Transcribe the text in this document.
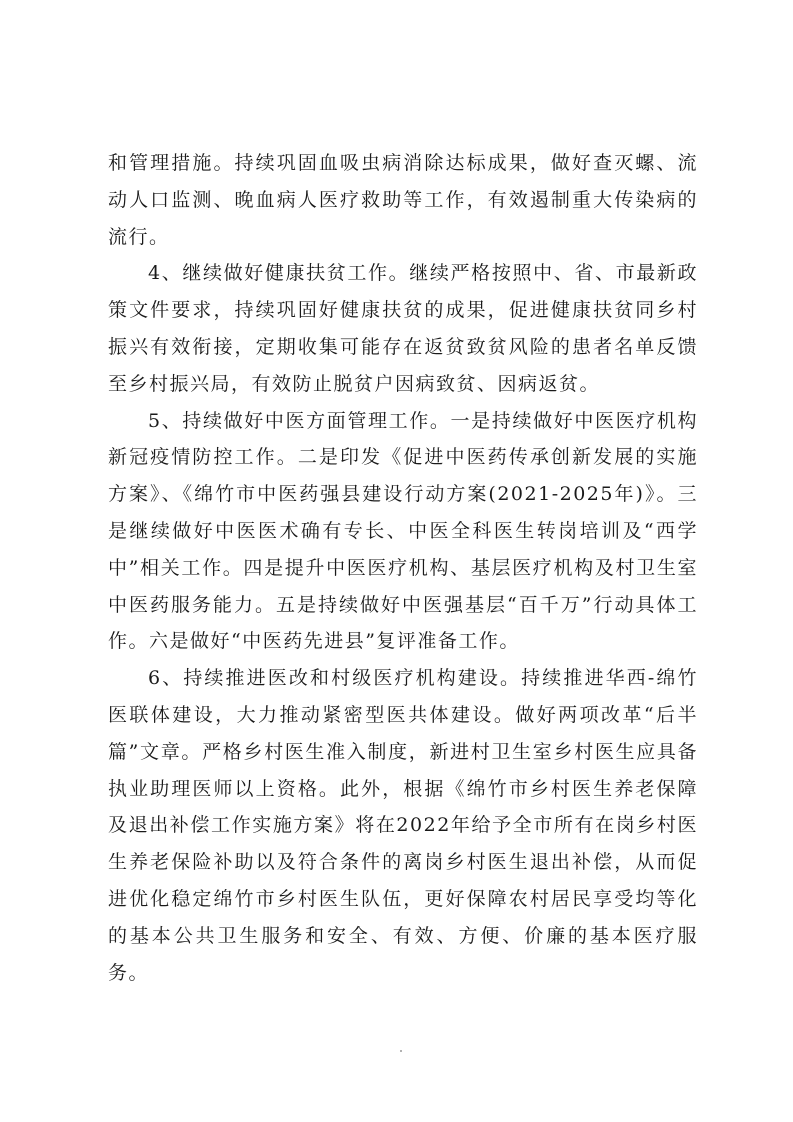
和管理措施。持续巩固血吸虫病消除达标成果，做好查灭螺、流动人口监测、晚血病人医疗救助等工作，有效遏制重大传染病的流行。

4、继续做好健康扶贫工作。继续严格按照中、省、市最新政策文件要求，持续巩固好健康扶贫的成果，促进健康扶贫同乡村振兴有效衔接，定期收集可能存在返贫致贫风险的患者名单反馈至乡村振兴局，有效防止脱贫户因病致贫、因病返贫。

5、持续做好中医方面管理工作。一是持续做好中医医疗机构新冠疫情防控工作。二是印发《促进中医药传承创新发展的实施方案》、《绵竹市中医药强县建设行动方案(2021-2025年)》。三是继续做好中医医术确有专长、中医全科医生转岗培训及“西学中”相关工作。四是提升中医医疗机构、基层医疗机构及村卫生室中医药服务能力。五是持续做好中医强基层“百千万”行动具体工作。六是做好“中医药先进县”复评准备工作。

6、持续推进医改和村级医疗机构建设。持续推进华西-绵竹医联体建设，大力推动紧密型医共体建设。做好两项改革“后半篇”文章。严格乡村医生准入制度，新进村卫生室乡村医生应具备执业助理医师以上资格。此外，根据《绵竹市乡村医生养老保障及退出补偿工作实施方案》将在2022年给予全市所有在岗乡村医生养老保险补助以及符合条件的离岗乡村医生退出补偿，从而促进优化稳定绵竹市乡村医生队伍，更好保障农村居民享受均等化的基本公共卫生服务和安全、有效、方便、价廉的基本医疗服务。
